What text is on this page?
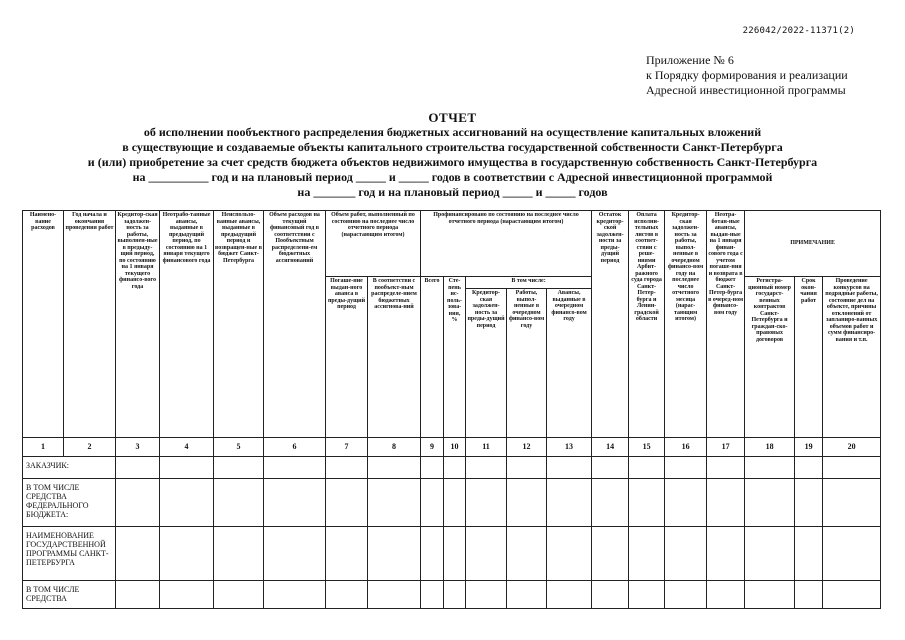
226042/2022-11371(2)
Приложение № 6
к Порядку формирования и реализации
Адресной инвестиционной программы
ОТЧЕТ
об исполнении пообъектного распределения бюджетных ассигнований на осуществление капитальных вложений
в существующие и создаваемые объекты капитального строительства государственной собственности Санкт-Петербурга
и (или) приобретение за счет средств бюджета объектов недвижимого имущества в государственную собственность Санкт-Петербурга
на __________ год и на плановый период _____ и _____ годов в соответствии с Адресной инвестиционной программой
на _______ год и на плановый период _____ и _____ годов
Наимено-вание расходов	Год начала и окончания проведения работ	Кредитор-ская задолжен-ность за работы, выполнен-ные в предыду-щий период, по состоянию на 1 января текущего финансо-вого года	Неотрабо-танные авансы, выданные в предыдущий период, по состоянию на 1 января текущего финансового года	Неиспользо-ванные авансы, выданные в предыдущий период и возвращен-ные в бюджет Санкт-Петербурга	Объем расходов на текущий финансовый год в соответствии с Пообъектным распределени-ем бюджетных ассигнований	Объем работ, выполненный по состоянию на последнее число отчетного периода (нарастающим итогом)		Профинансировано по состоянию на последнее число отчетного периода (нарастающим итогом)					Остаток кредитор-ской задолжен-ности за преды-дущий период	Оплата исполни-тельных листов в соответ-ствии с реше-ниями Арбит-ражного суда города Санкт-Петер-бурга и Ленин-градской области	Кредитор-ская задолжен-ность за работы, выпол-ненные в очередном финансо-вом году на последнее число отчетного месяца (нарас-тающим итогом)	Неотра-ботан-ные авансы, выдан-ные на 1 января финан-сового года с учетом погаше-ния и возврата в бюджет Санкт-Петер-бурга в очеред-ном финансо-вом году	ПРИМЕЧАНИЕ		
						Погаше-ние выдан-ного аванса в преды-дущий период	В соответстви с пообъект-ным распределе-нием бюджетных ассигнова-ний	Всего	Сте-пень ис-поль-зова-ния, %	В том числе:							Регистра-ционный номер государст-венных контрактов Санкт-Петербурга и граждан-ско-правовых договоров	Срок окон-чания работ	Проведение конкурсов на подрядные работы, состояние дел на объекте, причины отклонений от запланиро-ванных объемов работ и сумм финансиро-вания и т.п.
										Кредитор-ская задолжен-ность за преды-дущий период	Работы, выпол-ненные в очередном финансо-вом году	Авансы, выданные в очередном финансо-вом году							
1	2	3	4	5	6	7	8	9	10	11	12	13	14	15	16	17	18	19	20
ЗАКАЗЧИК:																			
В ТОМ ЧИСЛЕ СРЕДСТВА ФЕДЕРАЛЬНОГО БЮДЖЕТА:																			
НАИМЕНОВАНИЕ ГОСУДАРСТВЕННОЙ ПРОГРАММЫ САНКТ-ПЕТЕРБУРГА																			
В ТОМ ЧИСЛЕ СРЕДСТВА																			
